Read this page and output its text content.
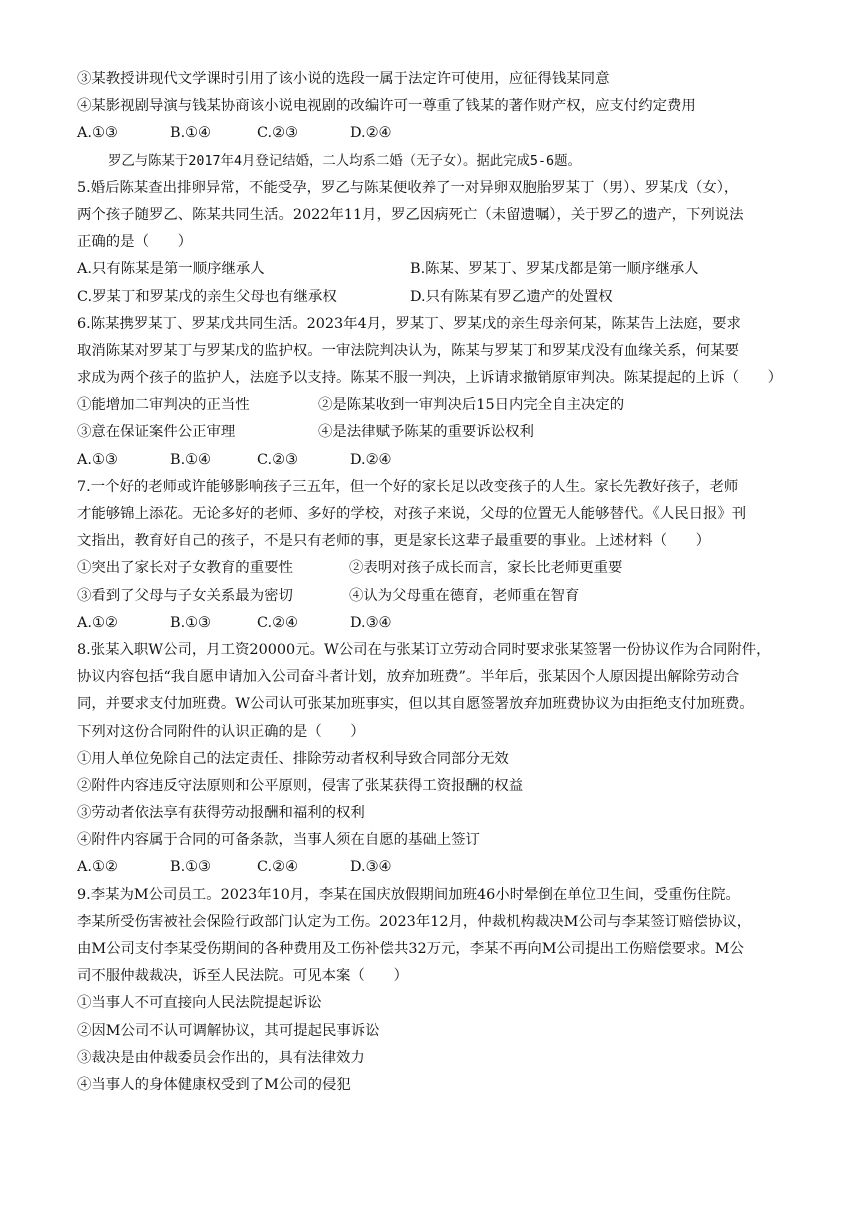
③某教授讲现代文学课时引用了该小说的选段一属于法定许可使用，应征得钱某同意
④某影视剧导演与钱某协商该小说电视剧的改编许可一尊重了钱某的著作财产权，应支付约定费用
A.①③	B.①④	C.②③	D.②④
罗乙与陈某于2017年4月登记结婚，二人均系二婚（无子女）。据此完成5-6题。
5.婚后陈某查出排卵异常，不能受孕，罗乙与陈某便收养了一对异卵双胞胎罗某丁（男）、罗某戊（女），
两个孩子随罗乙、陈某共同生活。2022年11月，罗乙因病死亡（未留遗嘱），关于罗乙的遗产，下列说法
正确的是（　　）
A.只有陈某是第一顺序继承人	B.陈某、罗某丁、罗某戊都是第一顺序继承人
C.罗某丁和罗某戊的亲生父母也有继承权	D.只有陈某有罗乙遗产的处置权
6.陈某携罗某丁、罗某戊共同生活。2023年4月，罗某丁、罗某戊的亲生母亲何某，陈某告上法庭，要求
取消陈某对罗某丁与罗某戊的监护权。一审法院判决认为，陈某与罗某丁和罗某戊没有血缘关系，何某要
求成为两个孩子的监护人，法庭予以支持。陈某不服一判决，上诉请求撤销原审判决。陈某提起的上诉（　　）
①能增加二审判决的正当性	②是陈某收到一审判决后15日内完全自主决定的
③意在保证案件公正审理	④是法律赋予陈某的重要诉讼权利
A.①③	B.①④	C.②③	D.②④
7.一个好的老师或许能够影响孩子三五年，但一个好的家长足以改变孩子的人生。家长先教好孩子，老师
才能够锦上添花。无论多好的老师、多好的学校，对孩子来说，父母的位置无人能够替代。《人民日报》刊
文指出，教育好自己的孩子，不是只有老师的事，更是家长这辈子最重要的事业。上述材料（　　）
①突出了家长对子女教育的重要性	②表明对孩子成长而言，家长比老师更重要
③看到了父母与子女关系最为密切	④认为父母重在德育，老师重在智育
A.①②	B.①③	C.②④	D.③④
8.张某入职W公司，月工资20000元。W公司在与张某订立劳动合同时要求张某签署一份协议作为合同附件，
协议内容包括“我自愿申请加入公司奋斗者计划，放弃加班费”。半年后，张某因个人原因提出解除劳动合
同，并要求支付加班费。W公司认可张某加班事实，但以其自愿签署放弃加班费协议为由拒绝支付加班费。
下列对这份合同附件的认识正确的是（　　）
①用人单位免除自己的法定责任、排除劳动者权利导致合同部分无效
②附件内容违反守法原则和公平原则，侵害了张某获得工资报酬的权益
③劳动者依法享有获得劳动报酬和福利的权利
④附件内容属于合同的可备条款，当事人须在自愿的基础上签订
A.①②	B.①③	C.②④	D.③④
9.李某为M公司员工。2023年10月，李某在国庆放假期间加班46小时晕倒在单位卫生间，受重伤住院。
李某所受伤害被社会保险行政部门认定为工伤。2023年12月，仲裁机构裁决M公司与李某签订赔偿协议，
由M公司支付李某受伤期间的各种费用及工伤补偿共32万元，李某不再向M公司提出工伤赔偿要求。M公
司不服仲裁裁决，诉至人民法院。可见本案（　　）
①当事人不可直接向人民法院提起诉讼
②因M公司不认可调解协议，其可提起民事诉讼
③裁决是由仲裁委员会作出的，具有法律效力
④当事人的身体健康权受到了M公司的侵犯
